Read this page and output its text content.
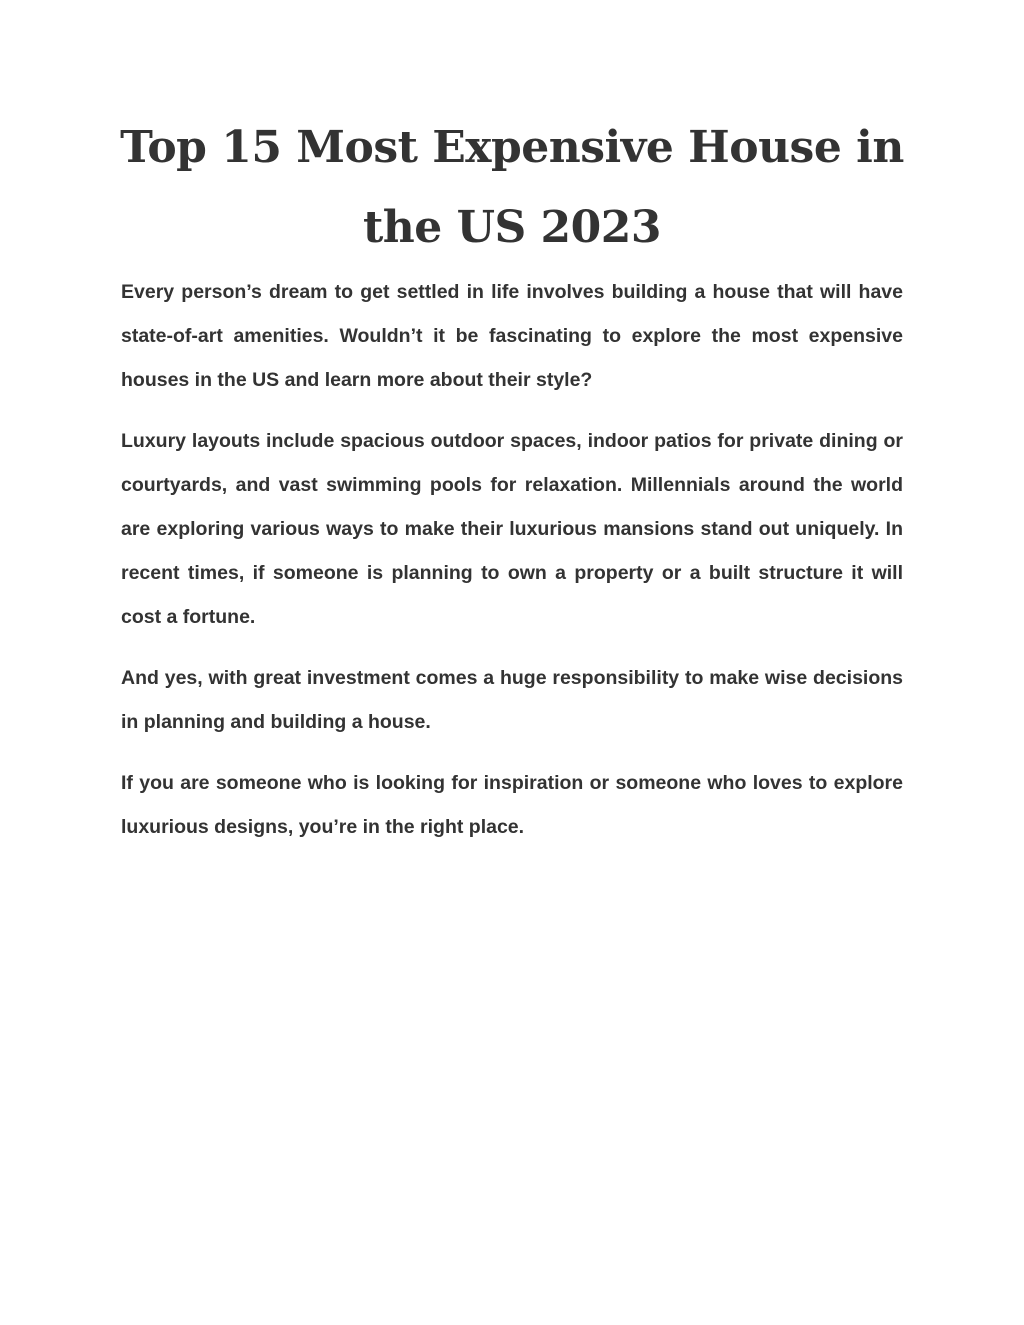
Top 15 Most Expensive House in the US 2023

Every person’s dream to get settled in life involves building a house that will have state-of-art amenities. Wouldn’t it be fascinating to explore the most expensive houses in the US and learn more about their style?

Luxury layouts include spacious outdoor spaces, indoor patios for private dining or courtyards, and vast swimming pools for relaxation. Millennials around the world are exploring various ways to make their luxurious mansions stand out uniquely. In recent times, if someone is planning to own a property or a built structure it will cost a fortune.

And yes, with great investment comes a huge responsibility to make wise decisions in planning and building a house.

If you are someone who is looking for inspiration or someone who loves to explore luxurious designs, you’re in the right place.
